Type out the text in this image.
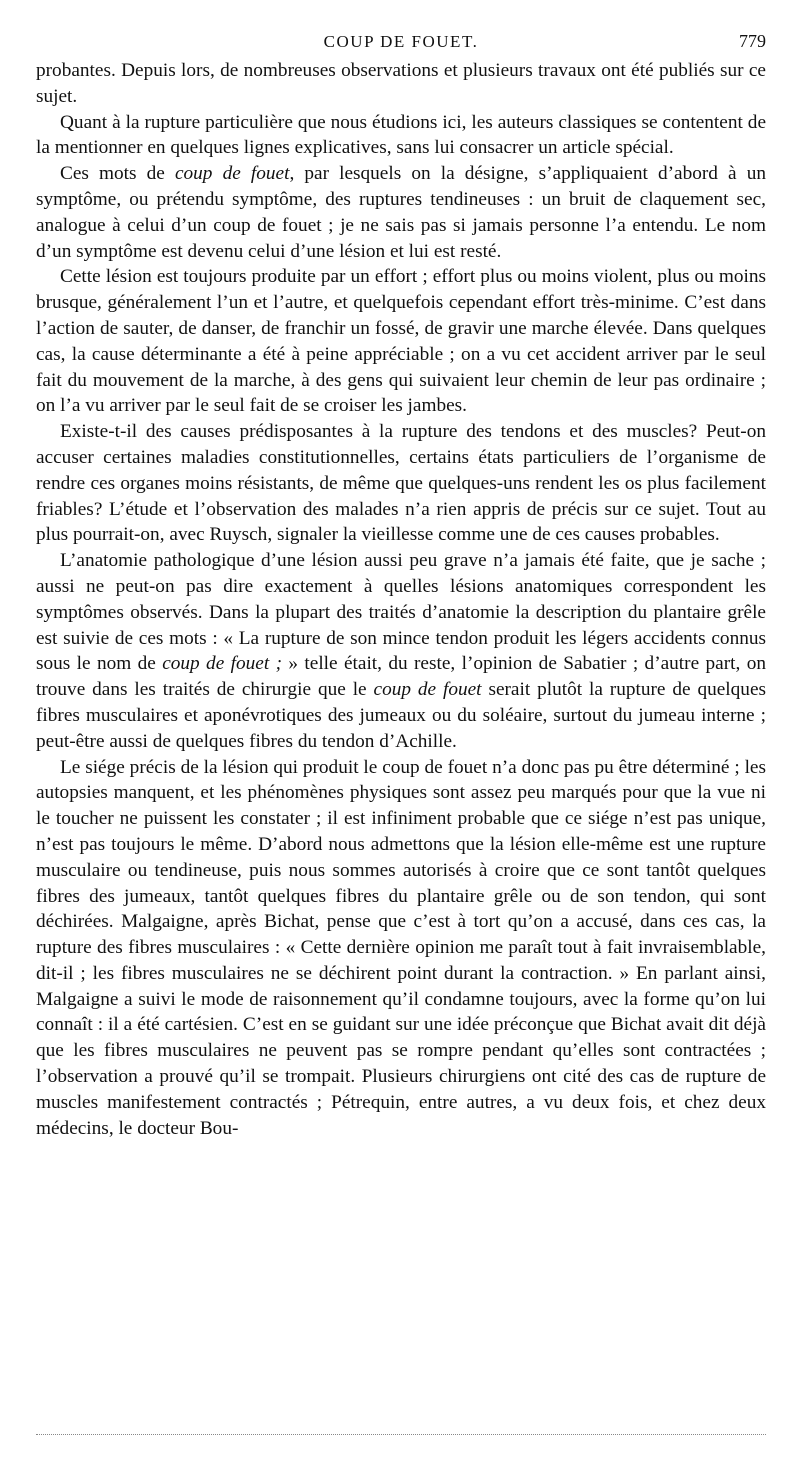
COUP DE FOUET.	779

probantes. Depuis lors, de nombreuses observations et plusieurs travaux ont été publiés sur ce sujet.

Quant à la rupture particulière que nous étudions ici, les auteurs classiques se contentent de la mentionner en quelques lignes explicatives, sans lui consacrer un article spécial.

Ces mots de coup de fouet, par lesquels on la désigne, s’appliquaient d’abord à un symptôme, ou prétendu symptôme, des ruptures tendineuses : un bruit de claquement sec, analogue à celui d’un coup de fouet ; je ne sais pas si jamais personne l’a entendu. Le nom d’un symptôme est devenu celui d’une lésion et lui est resté.

Cette lésion est toujours produite par un effort ; effort plus ou moins violent, plus ou moins brusque, généralement l’un et l’autre, et quelquefois cependant effort très-minime. C’est dans l’action de sauter, de danser, de franchir un fossé, de gravir une marche élevée. Dans quelques cas, la cause déterminante a été à peine appréciable ; on a vu cet accident arriver par le seul fait du mouvement de la marche, à des gens qui suivaient leur chemin de leur pas ordinaire ; on l’a vu arriver par le seul fait de se croiser les jambes.

Existe-t-il des causes prédisposantes à la rupture des tendons et des muscles? Peut-on accuser certaines maladies constitutionnelles, certains états particuliers de l’organisme de rendre ces organes moins résistants, de même que quelques-uns rendent les os plus facilement friables? L’étude et l’observation des malades n’a rien appris de précis sur ce sujet. Tout au plus pourrait-on, avec Ruysch, signaler la vieillesse comme une de ces causes probables.

L’anatomie pathologique d’une lésion aussi peu grave n’a jamais été faite, que je sache ; aussi ne peut-on pas dire exactement à quelles lésions anatomiques correspondent les symptômes observés. Dans la plupart des traités d’anatomie la description du plantaire grêle est suivie de ces mots : « La rupture de son mince tendon produit les légers accidents connus sous le nom de coup de fouet ; » telle était, du reste, l’opinion de Sabatier ; d’autre part, on trouve dans les traités de chirurgie que le coup de fouet serait plutôt la rupture de quelques fibres musculaires et aponévrotiques des jumeaux ou du soléaire, surtout du jumeau interne ; peut-être aussi de quelques fibres du tendon d’Achille.

Le siége précis de la lésion qui produit le coup de fouet n’a donc pas pu être déterminé ; les autopsies manquent, et les phénomènes physiques sont assez peu marqués pour que la vue ni le toucher ne puissent les constater ; il est infiniment probable que ce siége n’est pas unique, n’est pas toujours le même. D’abord nous admettons que la lésion elle-même est une rupture musculaire ou tendineuse, puis nous sommes autorisés à croire que ce sont tantôt quelques fibres des jumeaux, tantôt quelques fibres du plantaire grêle ou de son tendon, qui sont déchirées. Malgaigne, après Bichat, pense que c’est à tort qu’on a accusé, dans ces cas, la rupture des fibres musculaires : « Cette dernière opinion me paraît tout à fait invraisemblable, dit-il ; les fibres musculaires ne se déchirent point durant la contraction. » En parlant ainsi, Malgaigne a suivi le mode de raisonnement qu’il condamne toujours, avec la forme qu’on lui connaît : il a été cartésien. C’est en se guidant sur une idée préconçue que Bichat avait dit déjà que les fibres musculaires ne peuvent pas se rompre pendant qu’elles sont contractées ; l’observation a prouvé qu’il se trompait. Plusieurs chirurgiens ont cité des cas de rupture de muscles manifestement contractés ; Pétrequin, entre autres, a vu deux fois, et chez deux médecins, le docteur Bou-
